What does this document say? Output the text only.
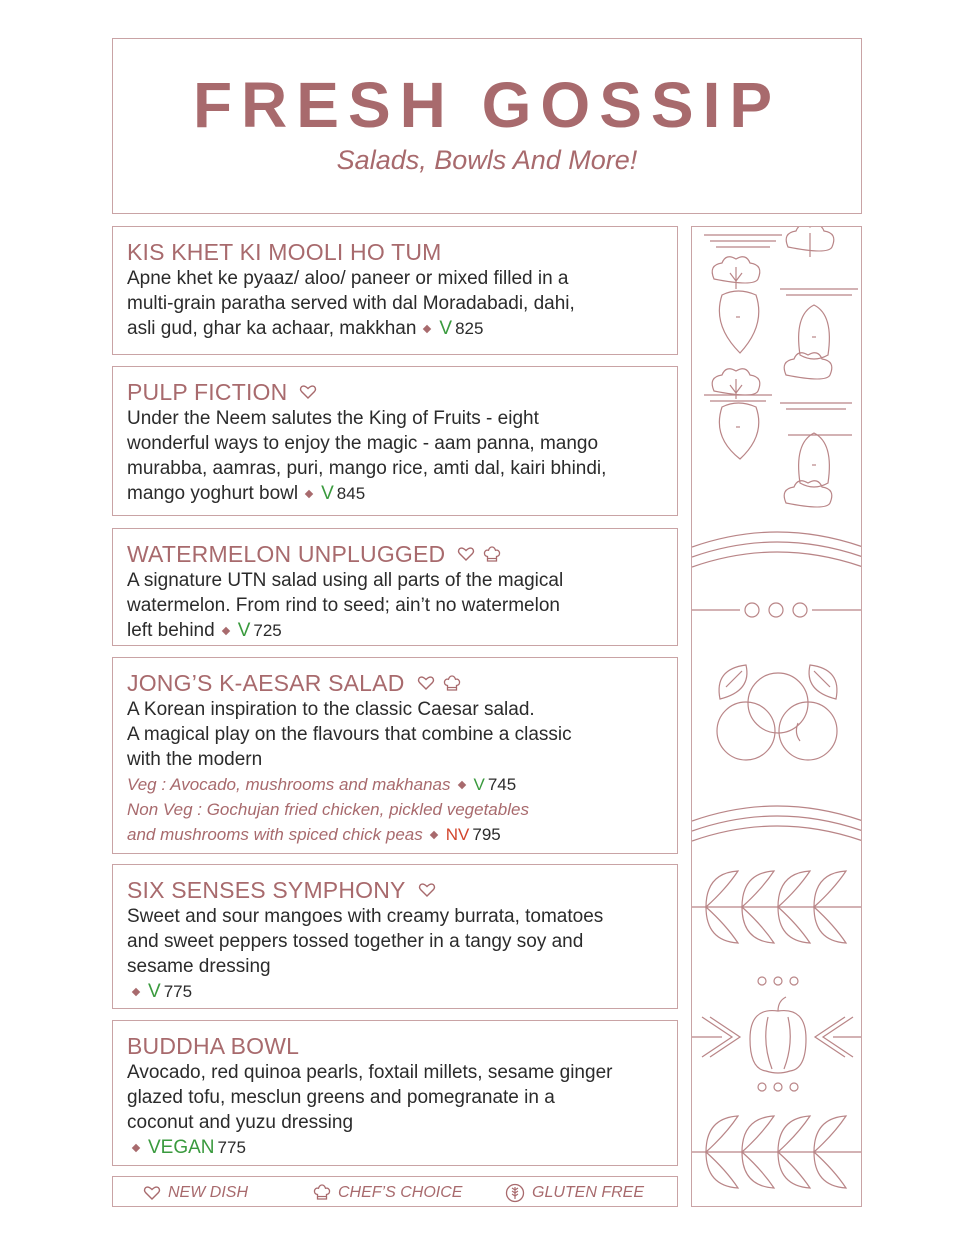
FRESH GOSSIP
Salads, Bowls And More!
KIS KHET KI MOOLI HO TUM
Apne khet ke pyaaz/ aloo/ paneer or mixed filled in a
multi-grain paratha served with dal Moradabadi, dahi,
asli gud, ghar ka achaar, makkhan V 825
PULP FICTION
Under the Neem salutes the King of Fruits - eight
wonderful ways to enjoy the magic - aam panna, mango
murabba, aamras, puri, mango rice, amti dal, kairi bhindi,
mango yoghurt bowl V 845
WATERMELON UNPLUGGED
A signature UTN salad using all parts of the magical
watermelon. From rind to seed; ain’t no watermelon
left behind V 725
JONG’S K-AESAR SALAD
A Korean inspiration to the classic Caesar salad.
A magical play on the flavours that combine a classic
with the modern
Veg : Avocado, mushrooms and makhanas V 745
Non Veg : Gochujan fried chicken, pickled vegetables
and mushrooms with spiced chick peas NV 795
SIX SENSES SYMPHONY
Sweet and sour mangoes with creamy burrata, tomatoes
and sweet peppers tossed together in a tangy soy and
sesame dressing
V 775
BUDDHA BOWL
Avocado, red quinoa pearls, foxtail millets, sesame ginger
glazed tofu, mesclun greens and pomegranate in a
coconut and yuzu dressing
VEGAN 775
NEW DISH	CHEF’S CHOICE	GLUTEN FREE
